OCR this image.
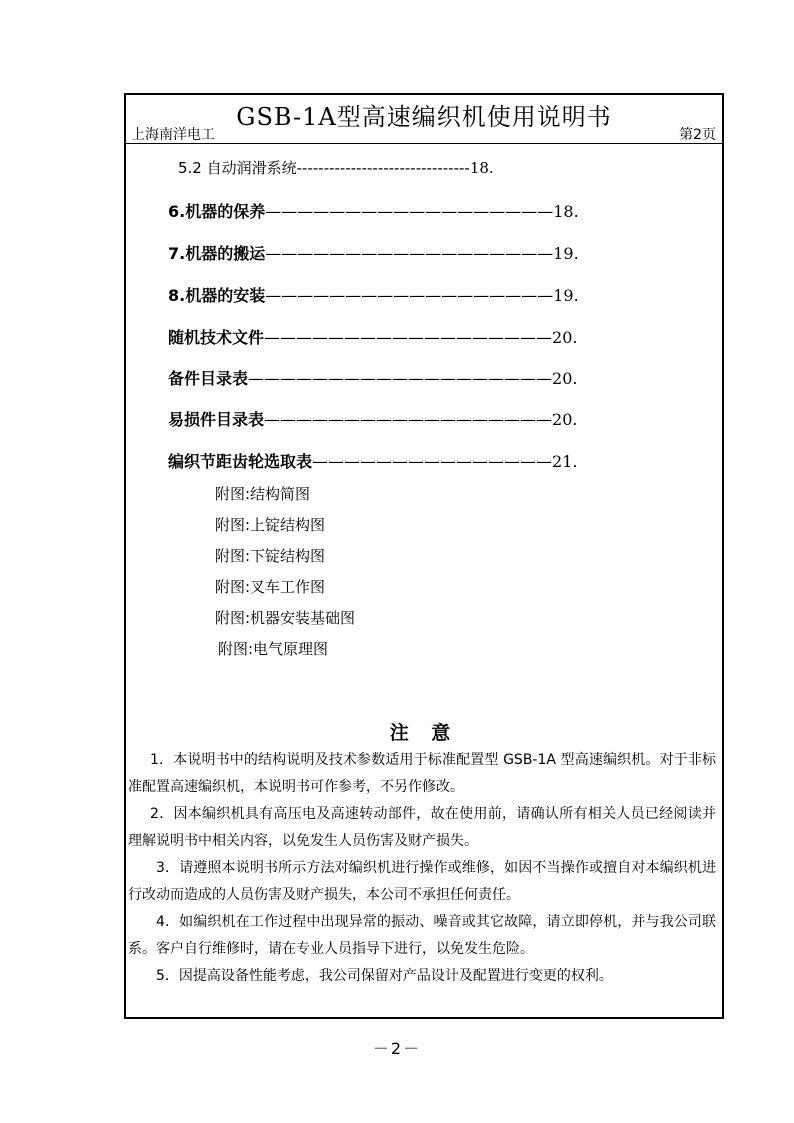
GSB-1A型高速编织机使用说明书
上海南洋电工	第2页
5.2 自动润滑系统--------------------------------18.
6.机器的保养——————————————————18.
7.机器的搬运——————————————————19.
8.机器的安装——————————————————19.
随机技术文件——————————————————20.
备件目录表———————————————————20.
易损件目录表——————————————————20.
编织节距齿轮选取表———————————————21.
附图:结构简图
附图:上锭结构图
附图:下锭结构图
附图:叉车工作图
附图:机器安装基础图
附图:电气原理图
注 意
1．本说明书中的结构说明及技术参数适用于标准配置型 GSB-1A 型高速编织机。对于非标准配置高速编织机，本说明书可作参考，不另作修改。
2．因本编织机具有高压电及高速转动部件，故在使用前，请确认所有相关人员已经阅读并理解说明书中相关内容，以免发生人员伤害及财产损失。
3．请遵照本说明书所示方法对编织机进行操作或维修，如因不当操作或擅自对本编织机进行改动而造成的人员伤害及财产损失，本公司不承担任何责任。
4．如编织机在工作过程中出现异常的振动、噪音或其它故障，请立即停机，并与我公司联系。客户自行维修时，请在专业人员指导下进行，以免发生危险。
5．因提高设备性能考虑，我公司保留对产品设计及配置进行变更的权利。
－2－
